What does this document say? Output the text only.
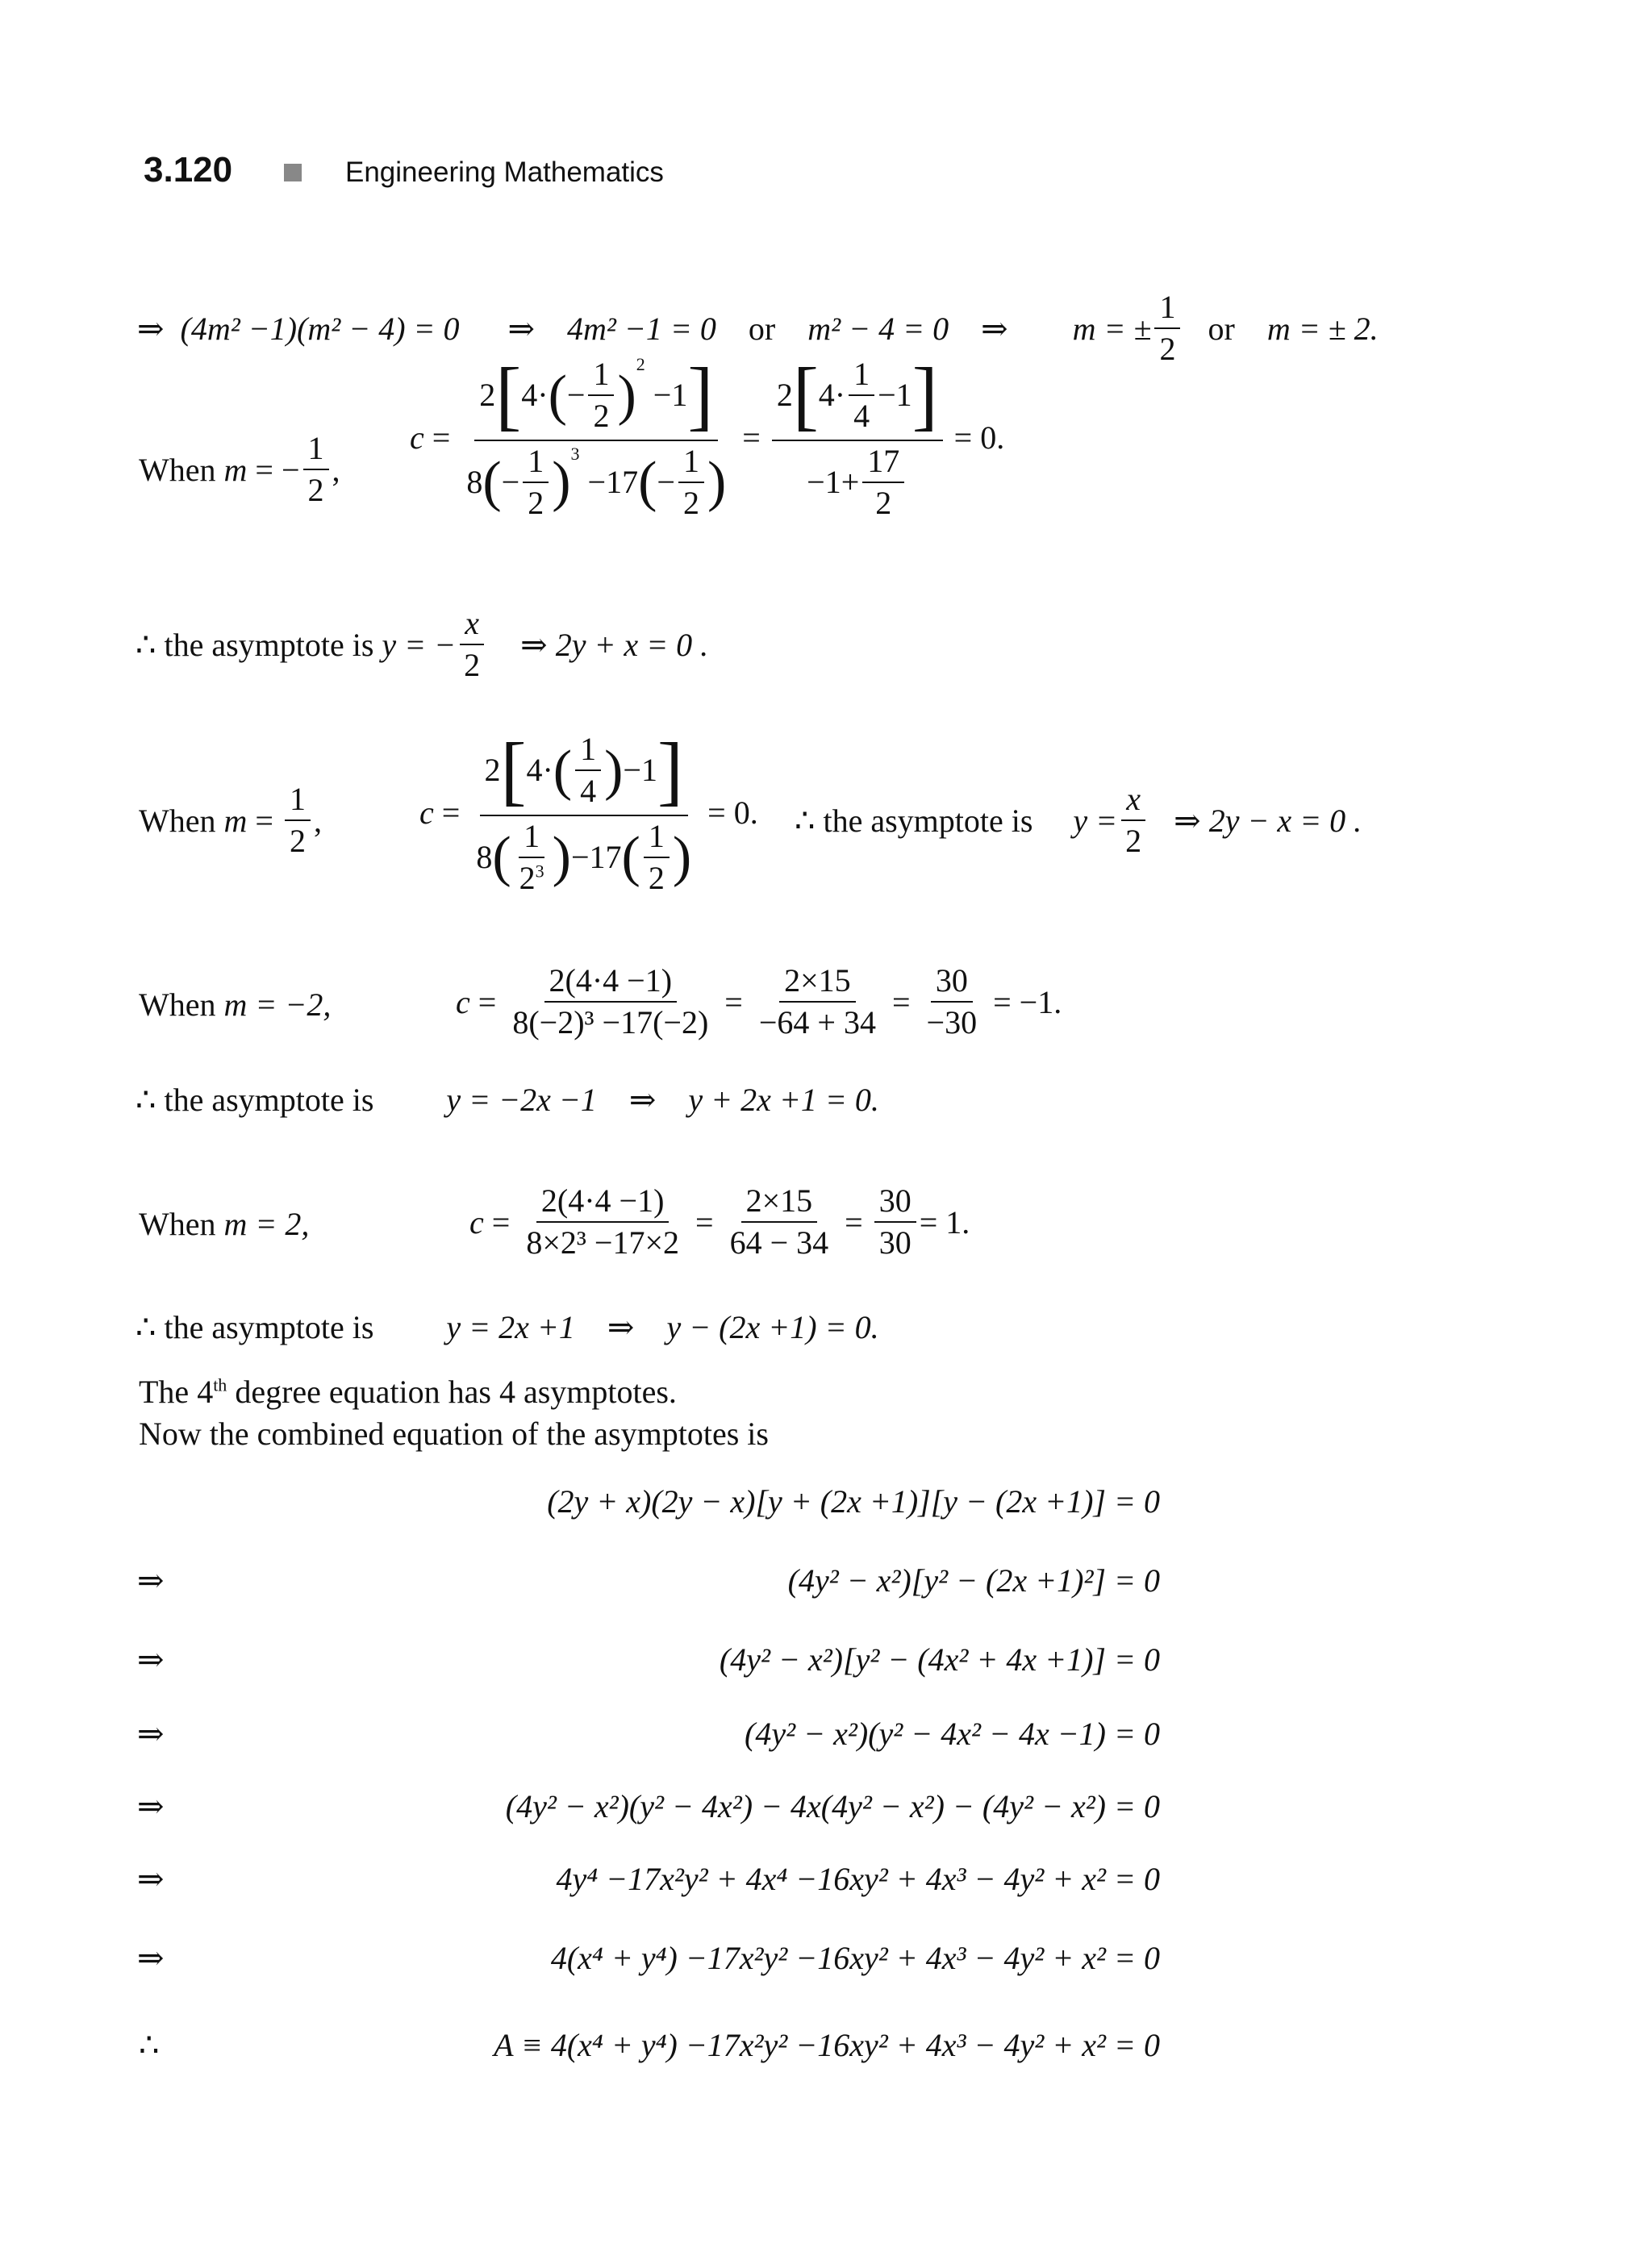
3.120	Engineering Mathematics
⇒
(4m² −1)(m² − 4) = 0 ⇒ 4m² −1 = 0 or m² − 4 = 0 ⇒ m = ± $\frac{1}{2}$ or m = ± 2.
When
m = − $\frac{1}{2}$ ,
c = 2 [ 4· ( − $\frac{1}{2}$ )
$^2$
−1 ]
8 ( − $\frac{1}{2} )^3$
−17 ( − $\frac{1}{2}$ ) = $\frac{2 [ 4\cdot \frac{1}{4} -1 ]}{-1+ \frac{17}{2}} = 0$.
∴ the asymptote is
y = − $\frac{x}{2}$ ⇒ 2y + x = 0 .
When
$m = \frac{1}{2}$ ,	$c = \frac{2 [ 4\cdot ( \frac{1}{4} ) -1 ]}{8 ( \frac{1}{2^3} ) -17 ( \frac{1}{2} )} = 0$. ∴ the asymptote is $y = \frac{x}{2}$ ⇒ 2y − x = 0 .
When m = −2,	$c = \frac{2(4\cdot 4 -1)}{\text{8(−2)³ −17(−2)}} = \frac{2\times 15}{-64 + 34} = \frac{30}{-30}$
= −1.
∴ the asymptote is y = −2x −1 ⇒ y + 2x +1 = 0.
When m = 2,	$c = \frac{2(4\cdot 4 -1)}{\text{8×2³ −17×2}} = \frac{2\times 15}{64 - 34} = \frac{30}{30} = 1$.
∴ the asymptote is y = 2x +1 ⇒ y − (2x +1) = 0.
The 4th degree equation has 4 asymptotes.
Now the combined equation of the asymptotes is
(2y + x)(2y − x)[y + (2x +1)][y − (2x +1)] = 0
⇒	(4y² − x²)[y² − (2x +1)²] = 0
⇒	(4y² − x²)[y² − (4x² + 4x +1)] = 0
⇒	(4y² − x²)(y² − 4x² − 4x −1) = 0
⇒	(4y² − x²)(y² − 4x²) − 4x(4y² − x²) − (4y² − x²) = 0
⇒	4y⁴ −17x²y² + 4x⁴ −16xy² + 4x³ − 4y² + x² = 0
⇒	4(x⁴ + y⁴) −17x²y² −16xy² + 4x³ − 4y² + x² = 0
∴	A ≡ 4(x⁴ + y⁴) −17x²y² −16xy² + 4x³ − 4y² + x² = 0
